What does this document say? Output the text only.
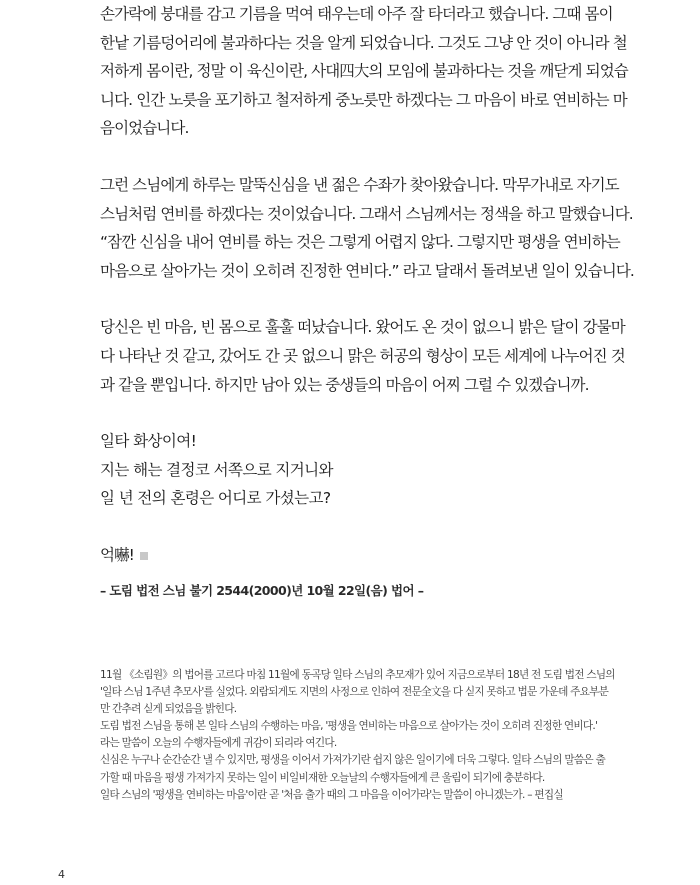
손가락에 붕대를 감고 기름을 먹여 태우는데 아주 잘 타더라고 했습니다. 그때 몸이
한낱 기름덩어리에 불과하다는 것을 알게 되었습니다. 그것도 그냥 안 것이 아니라 철
저하게 몸이란, 정말 이 육신이란, 사대四大의 모임에 불과하다는 것을 깨닫게 되었습
니다. 인간 노릇을 포기하고 철저하게 중노릇만 하겠다는 그 마음이 바로 연비하는 마
음이었습니다.

그런 스님에게 하루는 말뚝신심을 낸 젊은 수좌가 찾아왔습니다. 막무가내로 자기도
스님처럼 연비를 하겠다는 것이었습니다. 그래서 스님께서는 정색을 하고 말했습니다.
“잠깐 신심을 내어 연비를 하는 것은 그렇게 어렵지 않다. 그렇지만 평생을 연비하는
마음으로 살아가는 것이 오히려 진정한 연비다.” 라고 달래서 돌려보낸 일이 있습니다.

당신은 빈 마음, 빈 몸으로 훌훌 떠났습니다. 왔어도 온 것이 없으니 밝은 달이 강물마
다 나타난 것 같고, 갔어도 간 곳 없으니 맑은 허공의 형상이 모든 세계에 나누어진 것
과 같을 뿐입니다. 하지만 남아 있는 중생들의 마음이 어찌 그럴 수 있겠습니까.

일타 화상이여!
지는 해는 결정코 서쪽으로 지거니와
일 년 전의 혼령은 어디로 가셨는고?

억嚇!

– 도림 법전 스님 불기 2544(2000)년 10월 22일(음) 법어 –
11월 《소림원》의 법어를 고르다 마침 11월에 동곡당 일타 스님의 추모재가 있어 지금으로부터 18년 전 도림 법전 스님의
'일타 스님 1주년 추모사'를 실었다. 외람되게도 지면의 사정으로 인하여 전문全文을 다 싣지 못하고 법문 가운데 주요부분
만 간추려 싣게 되었음을 밝힌다.
도림 법전 스님을 통해 본 일타 스님의 수행하는 마음, '평생을 연비하는 마음으로 살아가는 것이 오히려 진정한 연비다.'
라는 말씀이 오늘의 수행자들에게 귀감이 되리라 여긴다.
신심은 누구나 순간순간 낼 수 있지만, 평생을 이어서 가져가기란 쉽지 않은 일이기에 더욱 그렇다. 일타 스님의 말씀은 출
가할 때 마음을 평생 가져가지 못하는 일이 비일비재한 오늘날의 수행자들에게 큰 울림이 되기에 충분하다.
일타 스님의 '평생을 연비하는 마음'이란 곧 '처음 출가 때의 그 마음을 이어가라'는 말씀이 아니겠는가. – 편집실
4
